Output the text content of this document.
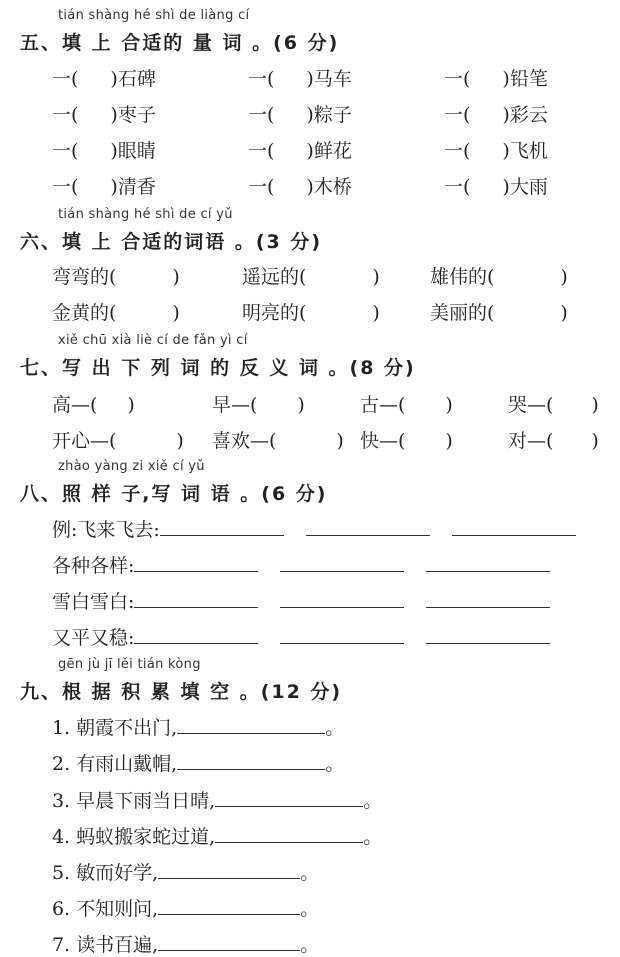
tián shàng hé shì de liàng cí
五、填 上 合适的 量 词 。(6 分)
一( )石碑	一( )马车	一( )铅笔
一( )枣子	一( )粽子	一( )彩云
一( )眼睛	一( )鲜花	一( )飞机
一( )清香	一( )木桥	一( )大雨
tián shàng hé shì de cí yǔ
六、填 上 合适的词语 。(3 分)
弯弯的(	)	遥远的(	)	雄伟的(	)
金黄的(	)	明亮的(	)	美丽的(	)
xiě chū xià liè cí de fǎn yì cí
七、写 出 下 列 词 的 反 义 词 。(8 分)
高—( )	早—( )	古—( )	哭—( )
开心—(	) 喜欢—(	) 快—( )	对—( )
zhào yàng zi xiě cí yǔ
八、照 样 子,写 词 语 。(6 分)
例:飞来飞去:
各种各样:
雪白雪白:
又平又稳:
gēn jù jī lěi tián kòng
九、根 据 积 累 填 空 。(12 分)
1. 朝霞不出门,	。
2. 有雨山戴帽,	。
3. 早晨下雨当日晴,	。
4. 蚂蚁搬家蛇过道,	。
5. 敏而好学,	。
6. 不知则问,	。
7. 读书百遍,	。
